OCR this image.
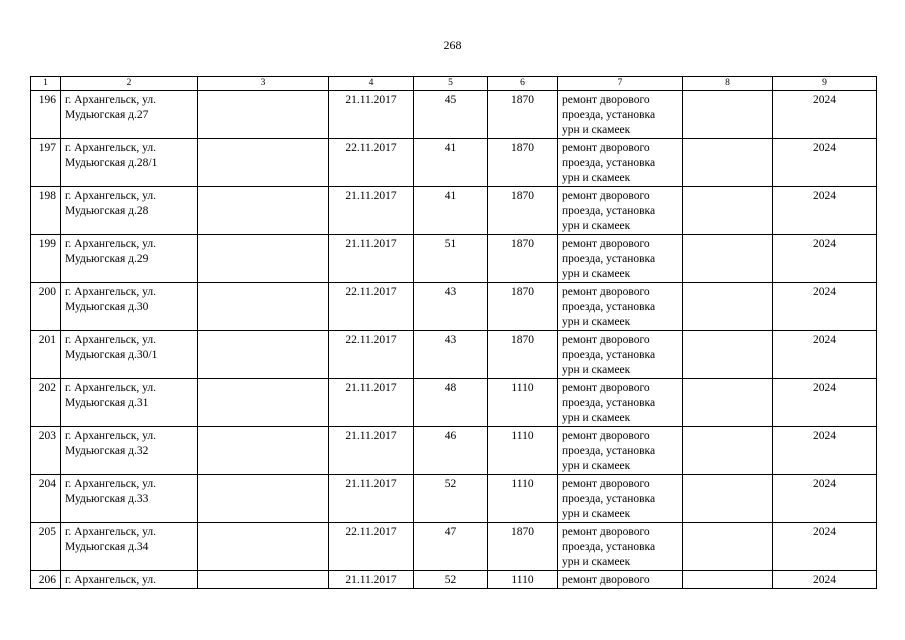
268
1	2	3	4	5	6	7	8	9
196	г. Архангельск, ул.
Мудьюгская д.27		21.11.2017	45	1870	ремонт дворового
проезда, установка
урн и скамеек		2024
197	г. Архангельск, ул.
Мудьюгская д.28/1		22.11.2017	41	1870	ремонт дворового
проезда, установка
урн и скамеек		2024
198	г. Архангельск, ул.
Мудьюгская д.28		21.11.2017	41	1870	ремонт дворового
проезда, установка
урн и скамеек		2024
199	г. Архангельск, ул.
Мудьюгская д.29		21.11.2017	51	1870	ремонт дворового
проезда, установка
урн и скамеек		2024
200	г. Архангельск, ул.
Мудьюгская д.30		22.11.2017	43	1870	ремонт дворового
проезда, установка
урн и скамеек		2024
201	г. Архангельск, ул.
Мудьюгская д.30/1		22.11.2017	43	1870	ремонт дворового
проезда, установка
урн и скамеек		2024
202	г. Архангельск, ул.
Мудьюгская д.31		21.11.2017	48	1110	ремонт дворового
проезда, установка
урн и скамеек		2024
203	г. Архангельск, ул.
Мудьюгская д.32		21.11.2017	46	1110	ремонт дворового
проезда, установка
урн и скамеек		2024
204	г. Архангельск, ул.
Мудьюгская д.33		21.11.2017	52	1110	ремонт дворового
проезда, установка
урн и скамеек		2024
205	г. Архангельск, ул.
Мудьюгская д.34		22.11.2017	47	1870	ремонт дворового
проезда, установка
урн и скамеек		2024
206	г. Архангельск, ул.		21.11.2017	52	1110	ремонт дворового		2024
